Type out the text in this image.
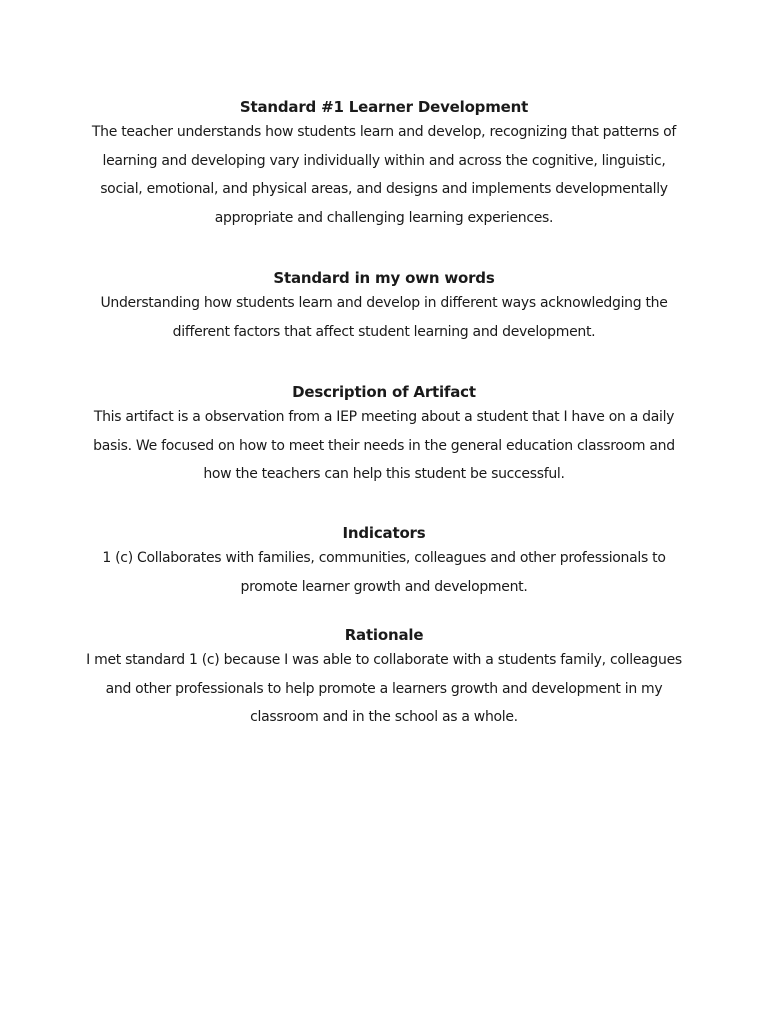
Standard #1 Learner Development

The teacher understands how students learn and develop, recognizing that patterns of learning and developing vary individually within and across the cognitive, linguistic, social, emotional, and physical areas, and designs and implements developmentally appropriate and challenging learning experiences.

Standard in my own words

Understanding how students learn and develop in different ways acknowledging the different factors that affect student learning and development.

Description of Artifact

This artifact is a observation from a IEP meeting about a student that I have on a daily basis. We focused on how to meet their needs in the general education classroom and how the teachers can help this student be successful.

Indicators

1 (c) Collaborates with families, communities, colleagues and other professionals to promote learner growth and development.

Rationale

I met standard 1 (c) because I was able to collaborate with a students family, colleagues and other professionals to help promote a learners growth and development in my classroom and in the school as a whole.
